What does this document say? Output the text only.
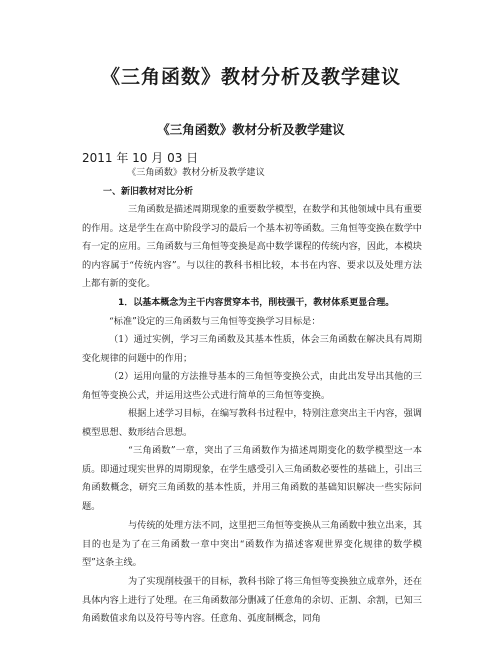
《三角函数》教材分析及教学建议
《三角函数》教材分析及教学建议

2011 年 10 月 03 日

《三角函数》教材分析及教学建议

一、新旧教材对比分析

三角函数是描述周期现象的重要数学模型，在数学和其他领域中具有重要的作用。这是学生在高中阶段学习的最后一个基本初等函数。三角恒等变换在数学中有一定的应用。三角函数与三角恒等变换是高中数学课程的传统内容，因此，本模块的内容属于“传统内容”。与以往的教科书相比较，本书在内容、要求以及处理方法上都有新的变化。

1．以基本概念为主干内容贯穿本书，削枝强干，教材体系更显合理。

“标准”设定的三角函数与三角恒等变换学习目标是：

（1）通过实例，学习三角函数及其基本性质，体会三角函数在解决具有周期变化规律的问题中的作用；

（2）运用向量的方法推导基本的三角恒等变换公式，由此出发导出其他的三角恒等变换公式，并运用这些公式进行简单的三角恒等变换。

根据上述学习目标，在编写教科书过程中，特别注意突出主干内容，强调模型思想、数形结合思想。

“三角函数”一章，突出了三角函数作为描述周期变化的数学模型这一本质。即通过现实世界的周期现象，在学生感受引入三角函数必要性的基础上，引出三角函数概念，研究三角函数的基本性质，并用三角函数的基础知识解决一些实际问题。

与传统的处理方法不同，这里把三角恒等变换从三角函数中独立出来，其目的也是为了在三角函数一章中突出“函数作为描述客观世界变化规律的数学模型”这条主线。

为了实现削枝强干的目标，教科书除了将三角恒等变换独立成章外，还在具体内容上进行了处理。在三角函数部分删减了任意角的余切、正割、余割，已知三角函数值求角以及符号等内容。任意角、弧度制概念，同角
